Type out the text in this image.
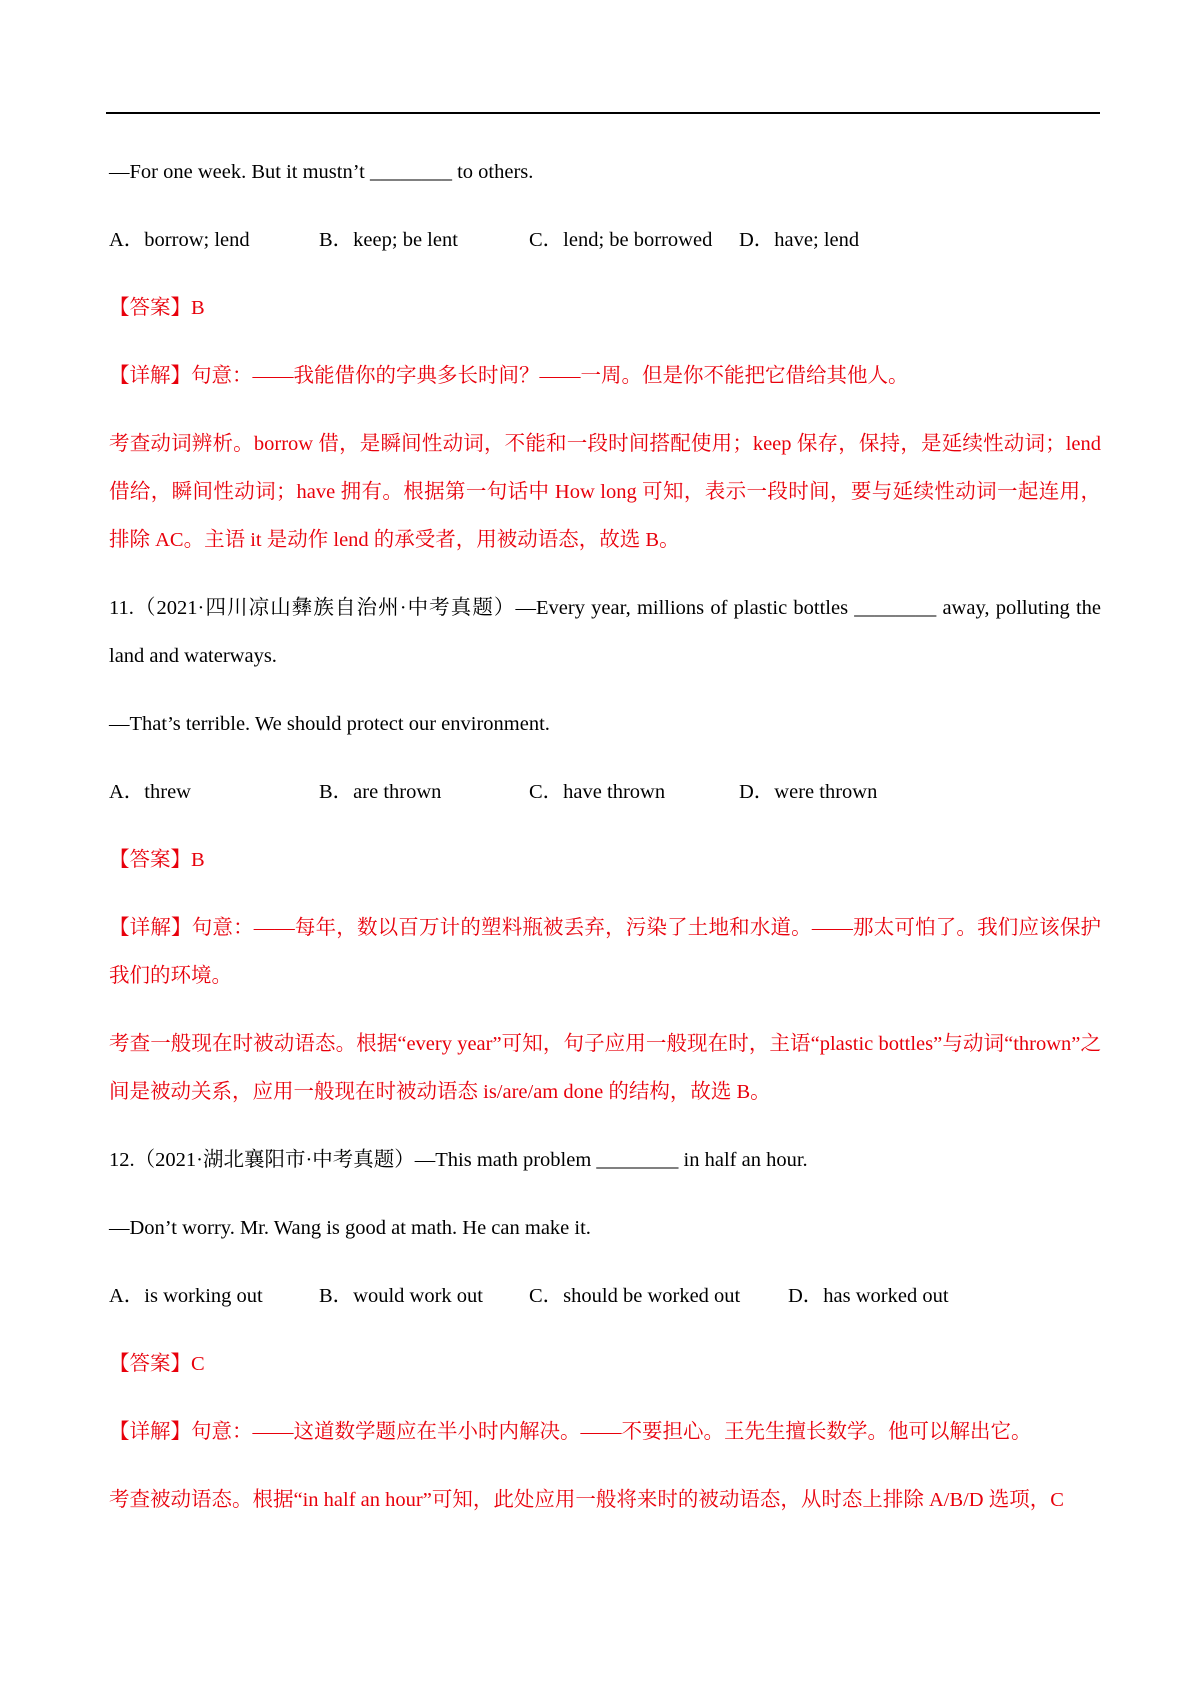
—For one week. But it mustn’t ________ to others.

A．borrow; lend	B．keep; be lent	C．lend; be borrowed	D．have; lend

【答案】B

【详解】句意：——我能借你的字典多长时间？——一周。但是你不能把它借给其他人。

考查动词辨析。borrow 借，是瞬间性动词，不能和一段时间搭配使用；keep 保存，保持，是延续性动词；lend 借给，瞬间性动词；have 拥有。根据第一句话中 How long 可知，表示一段时间，要与延续性动词一起连用，排除 AC。主语 it 是动作 lend 的承受者，用被动语态，故选 B。

11.（2021·四川凉山彝族自治州·中考真题）—Every year, millions of plastic bottles ________ away, polluting the land and waterways.

—That’s terrible. We should protect our environment.

A．threw	B．are thrown	C．have thrown	D．were thrown

【答案】B

【详解】句意：——每年，数以百万计的塑料瓶被丢弃，污染了土地和水道。——那太可怕了。我们应该保护我们的环境。

考查一般现在时被动语态。根据“every year”可知，句子应用一般现在时，主语“plastic bottles”与动词“thrown”之间是被动关系，应用一般现在时被动语态 is/are/am done 的结构，故选 B。

12.（2021·湖北襄阳市·中考真题）—This math problem ________ in half an hour.

—Don’t worry. Mr. Wang is good at math. He can make it.

A．is working out	B．would work out	C．should be worked out	D．has worked out

【答案】C

【详解】句意：——这道数学题应在半小时内解决。——不要担心。王先生擅长数学。他可以解出它。

考查被动语态。根据“in half an hour”可知，此处应用一般将来时的被动语态，从时态上排除 A/B/D 选项，C
